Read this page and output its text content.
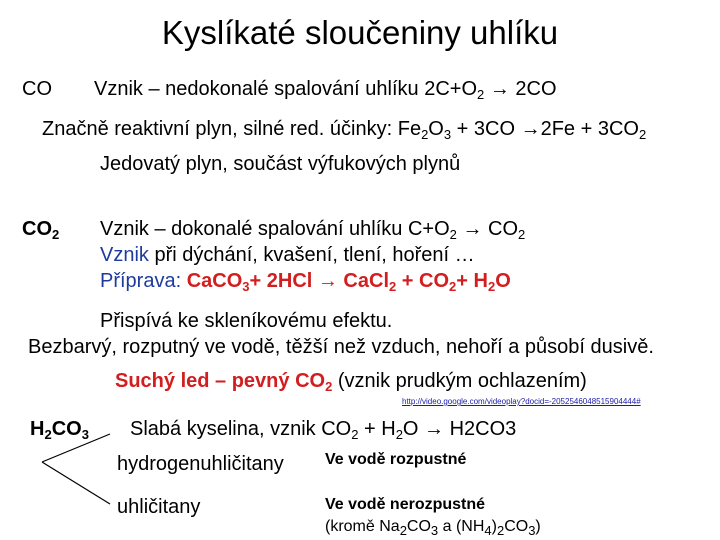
Kyslíkaté sloučeniny uhlíku
CO Vznik – nedokonalé spalování uhlíku $2C+O_2 \to 2CO$
Značně reaktivní plyn, silné red. účinky: $Fe_2O_3 + 3CO \to 2Fe + 3CO_2$
Jedovatý plyn, součást výfukových plynů
$CO_2$ Vznik – dokonalé spalování uhlíku $C+O_2 \to CO_2$
Vznik při dýchání, kvašení, tlení, hoření …
Příprava: CaCO$_3$+ 2HCl → CaCl$_2$ + $CO_2+ H_2O$
Přispívá ke skleníkovému efektu.
Bezbarvý, rozputný ve vodě, těžší než vzduch, nehoří a působí dusivě.
Suchý led – pevný $CO_2$ (vznik prudkým ochlazením)
http://video.google.com/videoplay?docid=-2052546048515904444#
$H_2CO_3$ Slabá kyselina, vznik $CO_2 + H_2O \to H2CO3$
hydrogenuhličitany	Ve vodě rozpustné
uhličitany	Ve vodě nerozpustné
(kromě $Na_2CO_3$ a $(NH_4)_2CO_3$)
